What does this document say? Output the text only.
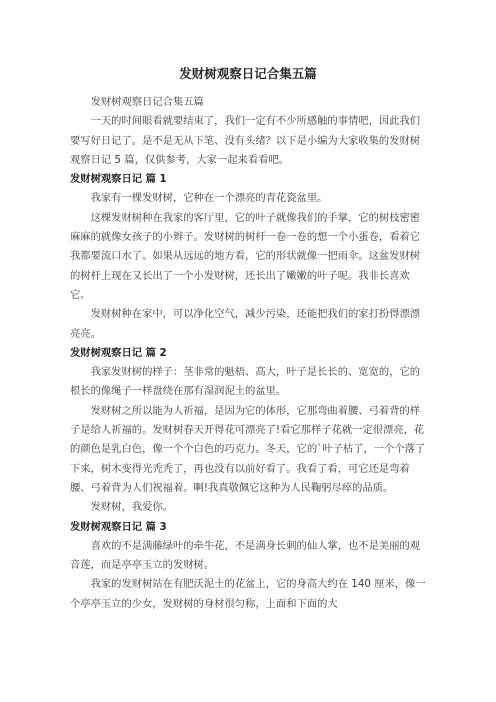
发财树观察日记合集五篇

发财树观察日记合集五篇

一天的时间眼看就要结束了，我们一定有不少所感触的事情吧，因此我们要写好日记了。是不是无从下笔、没有头绪？以下是小编为大家收集的发财树观察日记 5 篇，仅供参考，大家一起来看看吧。

发财树观察日记 篇 1

我家有一棵发财树，它种在一个漂亮的青花瓷盆里。

这棵发财树种在我家的客厅里，它的叶子就像我们的手掌，它的树枝密密麻麻的就像女孩子的小辫子。发财树的树杆一卷一卷的想一个小蛋卷，看着它我都要流口水了。如果从远远的地方看，它的形状就像一把雨伞。这盆发财树的树杆上现在又长出了一个小发财树，还长出了嫩嫩的叶子呢。我非长喜欢它。

发财树种在家中，可以净化空气，减少污染，还能把我们的家打扮得漂漂亮亮。

发财树观察日记 篇 2

我家发财树的样子：茎非常的魁梧、高大，叶子是长长的、宽宽的，它的根长的像绳子一样盘绕在那有湿润泥土的盆里。

发财树之所以能为人祈福，是因为它的体形，它那弯曲着腰、弓着背的样子是给人祈福的。发财树春天开得花可漂亮了!看它那样子花就一定很漂亮，花的颜色是乳白色，像一个个白色的巧克力。冬天，它的`叶子枯了，一个个落了下来，树木变得光秃秃了，再也没有以前好看了。我看了看，可它还是弯着腰、弓着背为人们祝福着。啊!我真敬佩它这种为人民鞠躬尽瘁的品质。

发财树，我爱你。

发财树观察日记 篇 3

喜欢的不是满藤绿叶的牵牛花，不是满身长刺的仙人掌，也不是美丽的观音莲，而是亭亭玉立的发财树。

我家的发财树站在有肥沃泥土的花盆上，它的身高大约在 140 厘米，像一个亭亭玉立的少女，发财树的身材很匀称，上面和下面的大
